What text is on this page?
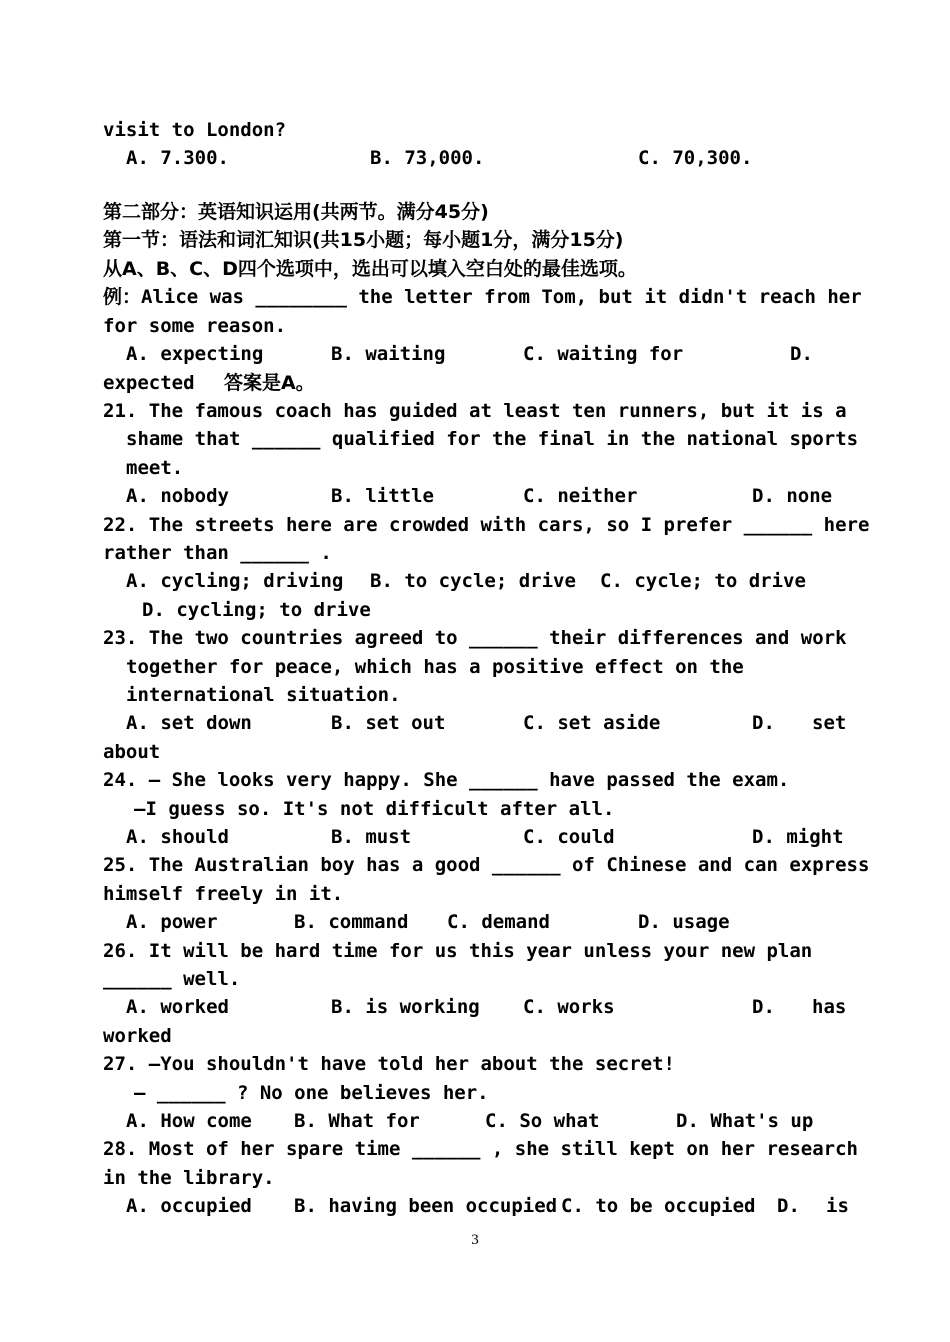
visit to London?
A. 7.300.	B. 73,000.	C. 70,300.
第二部分：英语知识运用(共两节。满分45分)
第一节：语法和词汇知识(共15小题；每小题1分，满分15分)
从A、B、C、D四个选项中，选出可以填入空白处的最佳选项。
例：Alice was ________ the letter from Tom, but it didn't reach her
for some reason.
A. expecting	B. waiting	C. waiting for	D.
expected 答案是A。
21. The famous coach has guided at least ten runners, but it is a
shame that ______ qualified for the final in the national sports
meet.
A. nobody	B. little	C. neither	D. none
22. The streets here are crowded with cars, so I prefer ______ here
rather than ______ .
A. cycling; driving B. to cycle; drive C. cycle; to drive
D. cycling; to drive
23. The two countries agreed to ______ their differences and work
together for peace, which has a positive effect on the
international situation.
A. set down	B. set out	C. set aside	D. set
about
24. — She looks very happy. She ______ have passed the exam.
—I guess so. It's not difficult after all.
A. should	B. must	C. could	D. might
25. The Australian boy has a good ______ of Chinese and can express
himself freely in it.
A. power	B. command C. demand	D. usage
26. It will be hard time for us this year unless your new plan
______ well.
A. worked	B. is working C. works	D. has
worked
27. —You shouldn't have told her about the secret!
— ______ ? No one believes her.
A. How come B. What for	C. So what	D. What's up
28. Most of her spare time ______ , she still kept on her research
in the library.
A. occupied B. having been occupied C. to be occupied D. is
3
